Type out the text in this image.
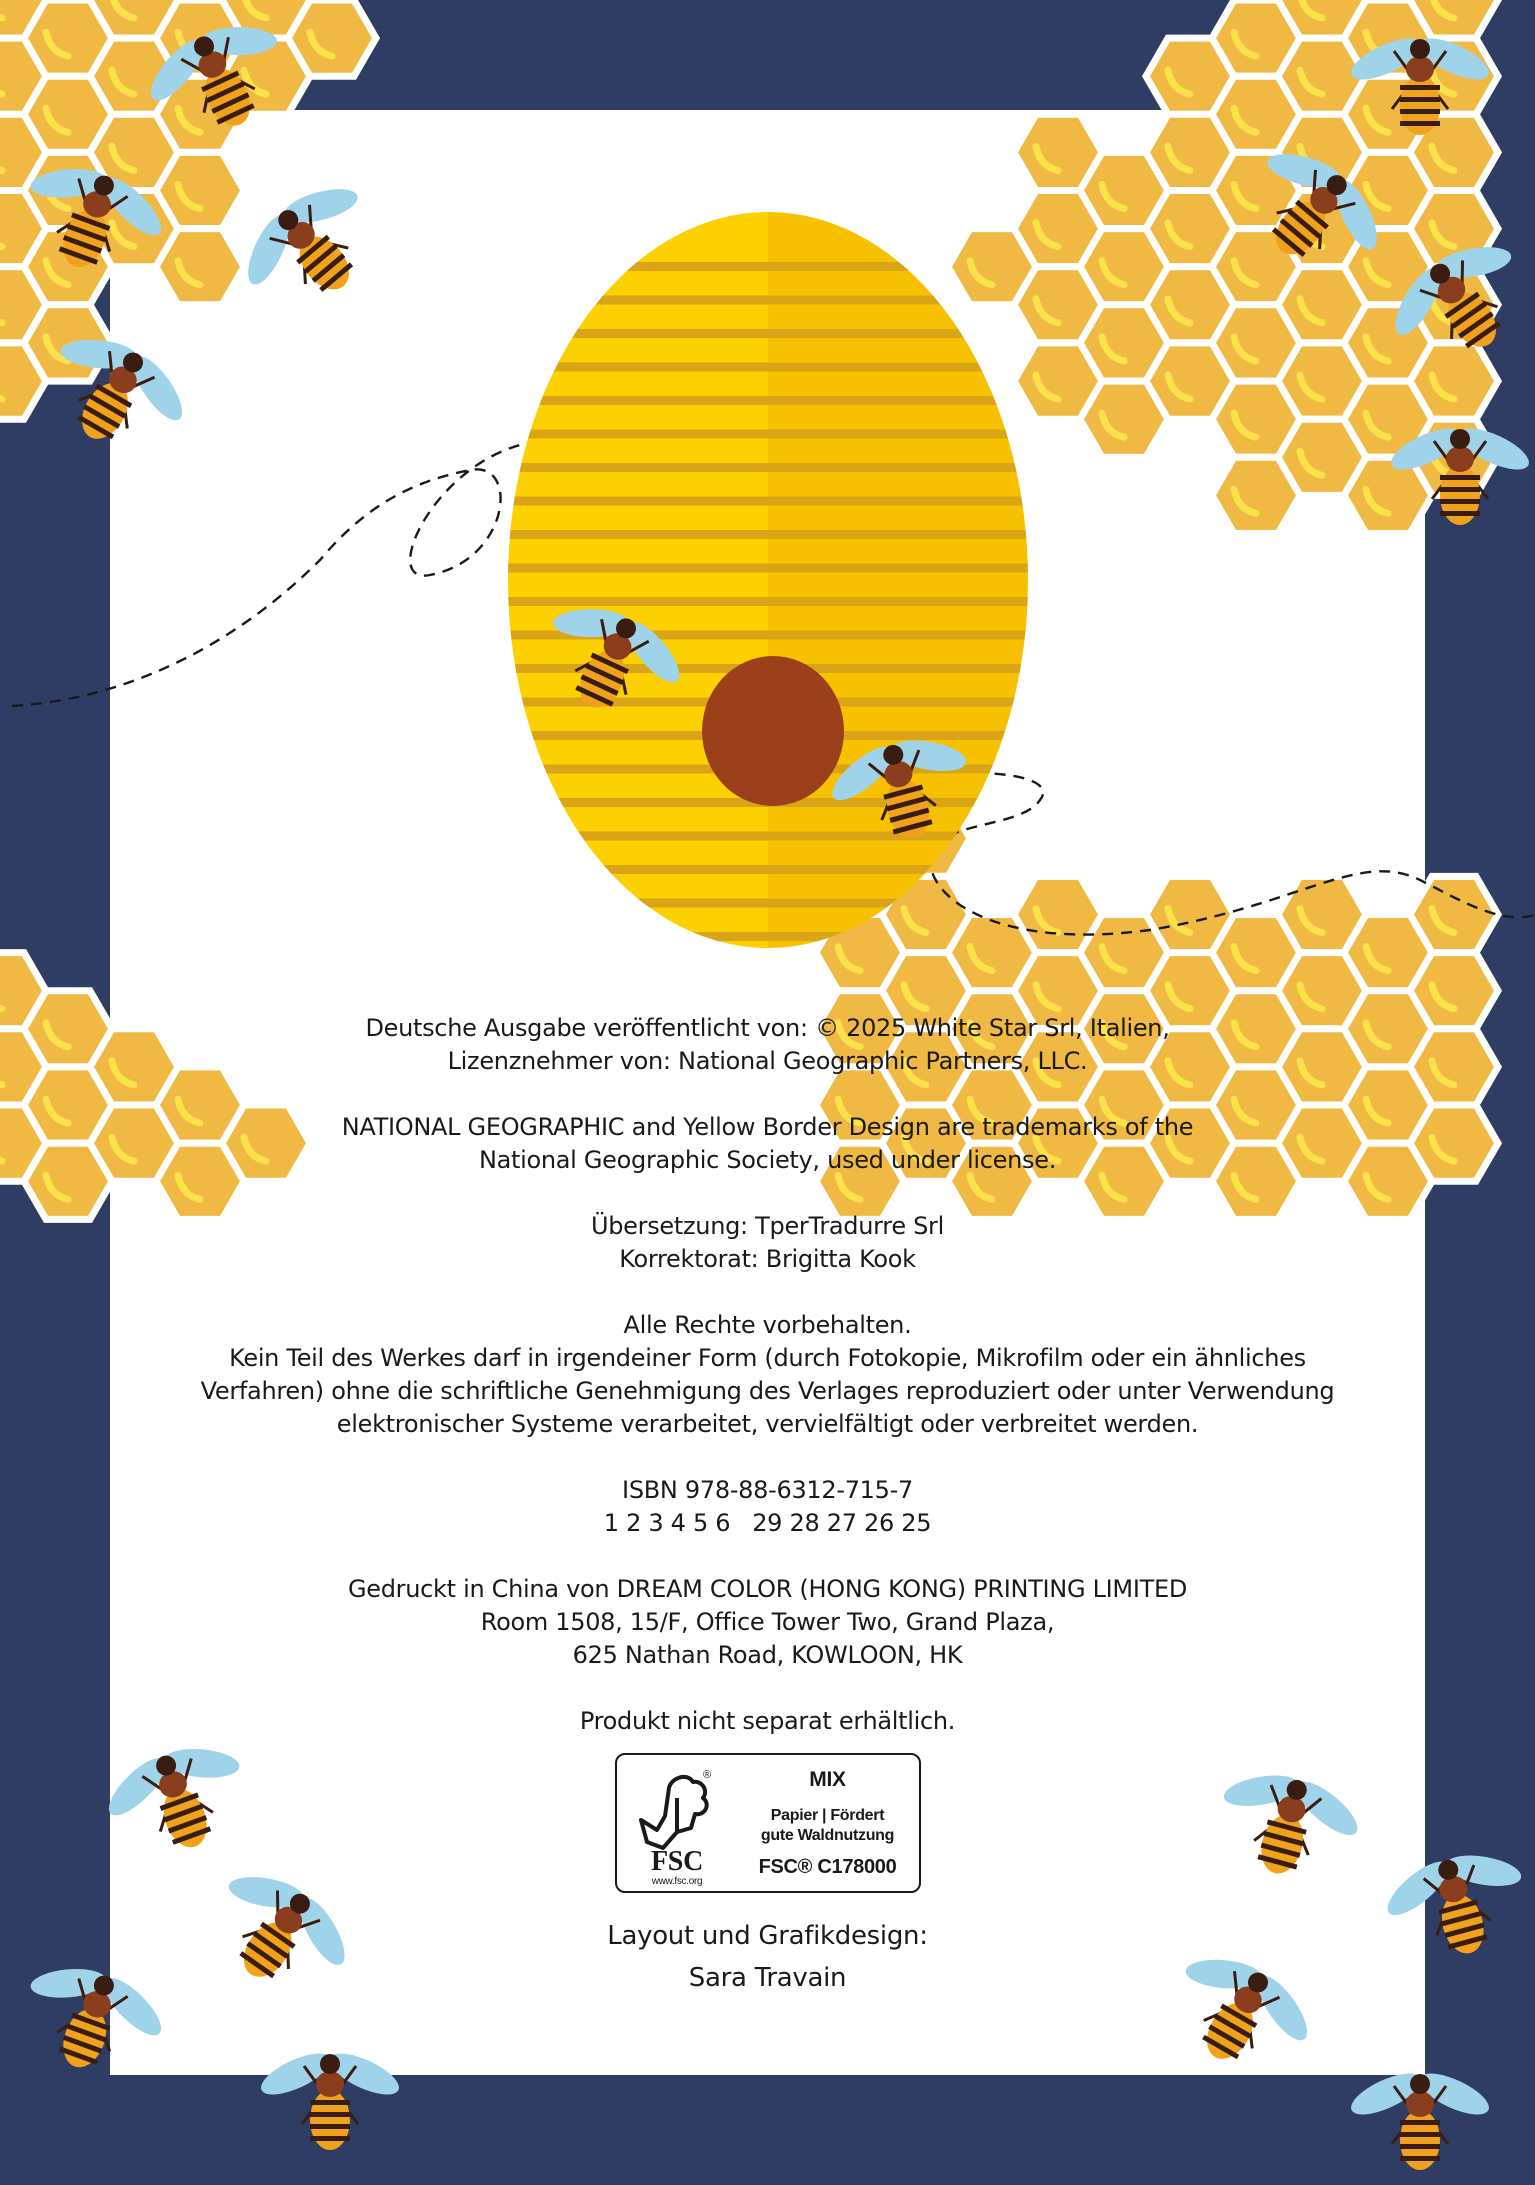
Deutsche Ausgabe veröffentlicht von: © 2025 White Star Srl, Italien,
Lizenznehmer von: National Geographic Partners, LLC.

NATIONAL GEOGRAPHIC and Yellow Border Design are trademarks of the
National Geographic Society, used under license.

Übersetzung: TperTradurre Srl
Korrektorat: Brigitta Kook

Alle Rechte vorbehalten.
Kein Teil des Werkes darf in irgendeiner Form (durch Fotokopie, Mikrofilm oder ein ähnliches
Verfahren) ohne die schriftliche Genehmigung des Verlages reproduziert oder unter Verwendung
elektronischer Systeme verarbeitet, vervielfältigt oder verbreitet werden.

ISBN 978-88-6312-715-7
1 2 3 4 5 6   29 28 27 26 25

Gedruckt in China von DREAM COLOR (HONG KONG) PRINTING LIMITED
Room 1508, 15/F, Office Tower Two, Grand Plaza,
625 Nathan Road, KOWLOON, HK

Produkt nicht separat erhältlich.

®
FSC
www.fsc.org
MIX
Papier | Fördert
gute Waldnutzung
FSC® C178000
Layout und Grafikdesign:
Sara Travain
